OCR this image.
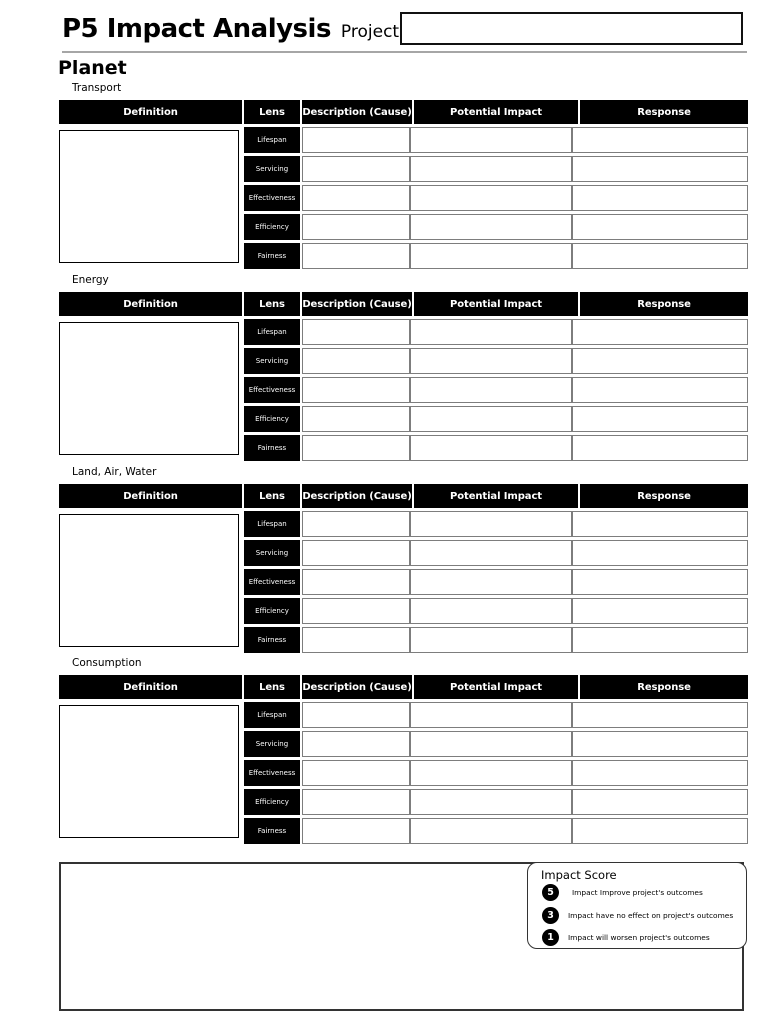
P5 Impact Analysis Project
Planet
Transport
Definition	Lens	Description (Cause)	Potential Impact	Response
Lifespan
Servicing
Effectiveness
Efficiency
Fairness
Energy
Definition	Lens	Description (Cause)	Potential Impact	Response
Lifespan
Servicing
Effectiveness
Efficiency
Fairness
Land, Air, Water
Definition	Lens	Description (Cause)	Potential Impact	Response
Lifespan
Servicing
Effectiveness
Efficiency
Fairness
Consumption
Definition	Lens	Description (Cause)	Potential Impact	Response
Lifespan
Servicing
Effectiveness
Efficiency
Fairness
Impact Score
5	Impact Improve project's outcomes
3	Impact have no effect on project's outcomes
1	Impact will worsen project's outcomes
